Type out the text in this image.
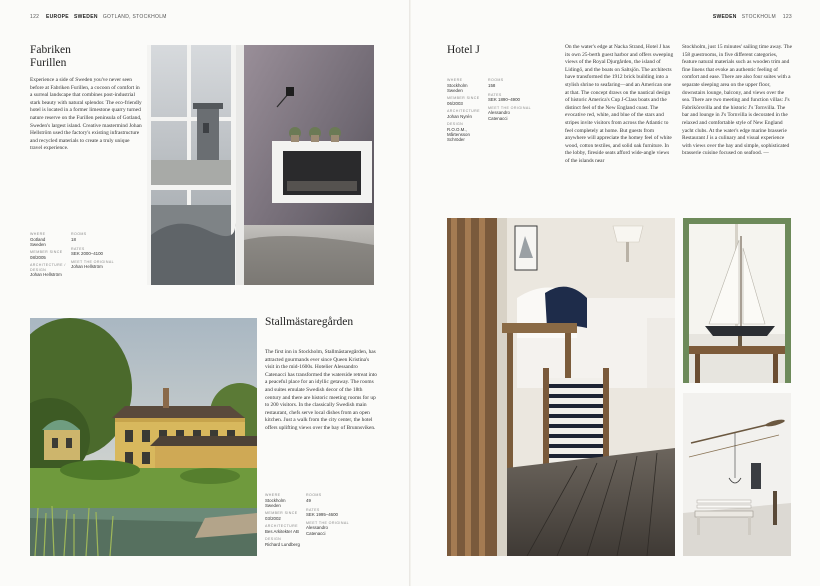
122 EUROPE SWEDEN GOTLAND, STOCKHOLM
Fabriken
Furillen
Experience a side of Sweden you've never seen before at Fabriken Furillen, a cocoon of comfort in a surreal landscape that combines post-industrial stark beauty with natural splendor. The eco-friendly hotel is located in a former limestone quarry turned nature reserve on the Furillen peninsula of Gotland, Sweden's largest island. Creative mastermind Johan Hellström used the factory's existing infrastructure and recycled materials to create a truly unique travel experience.
WHERE
Gotland
Sweden
MEMBER SINCE
08/2005
ARCHITECTURE / DESIGN
Johan Hellström
ROOMS
18
RATES
SEK 2000–4100
MEET THE ORIGINAL
Johan Hellström
Stallmästaregården
The first inn in Stockholm, Stallmästaregården, has attracted gourmands ever since Queen Kristina's visit in the mid-1600s. Hotelier Alessandro Catenacci has transformed the waterside retreat into a peaceful place for an idyllic getaway. The rooms and suites emulate Swedish decor of the 18th century and there are historic meeting rooms for up to 200 visitors. In the classically Swedish main restaurant, chefs serve local dishes from an open kitchen. Just a walk from the city center, the hotel offers uplifting views over the bay of Brunnsviken.
WHERE
Stockholm
Sweden
MEMBER SINCE
03/2002
ARCHITECTURE
Bes Arkitekter AB
DESIGN
Richard Lundberg
ROOMS
49
RATES
SEK 1995–4600
MEET THE ORIGINAL
Alessandro
Catenacci
SWEDEN STOCKHOLM 123
Hotel J
WHERE
Stockholm
Sweden
MEMBER SINCE
06/2003
ARCHITECTURE
Johan Nyrén
DESIGN
R.O.O.M.,
Mårtensson Schröder
ROOMS
158
RATES
SEK 1890–4900
MEET THE ORIGINAL
Alessandro
Catenacci
On the water's edge at Nacka Strand, Hotel J has its own 25-berth guest harbor and offers sweeping views of the Royal Djurgården, the island of Lidingö, and the boats on Saltsjön. The architects have transformed the 1912 brick building into a stylish shrine to seafaring—and an American one at that. The concept draws on the nautical design of historic America's Cup J-Class boats and the distinct feel of the New England coast. The evocative red, white, and blue of the stars and stripes invite visitors from across the Atlantic to feel completely at home. But guests from anywhere will appreciate the homey feel of white wood, cotton textiles, and solid oak furniture. In the lobby, fireside seats afford wide-angle views of the islands near
Stockholm, just 15 minutes' sailing time away. The 158 guestrooms, in five different categories, feature natural materials such as wooden trim and fine linens that evoke an authentic feeling of comfort and ease. There are also four suites with a separate sleeping area on the upper floor, downstairs lounge, balcony, and views over the sea. There are two meeting and function villas: J's Fabrikörsvilla and the historic J's Tornvilla. The bar and lounge in J's Tornvilla is decorated in the relaxed and comfortable style of New England yacht clubs. At the water's edge marine brasserie Restaurant J is a culinary and visual experience with views over the bay and simple, sophisticated brasserie cuisine focused on seafood. —
